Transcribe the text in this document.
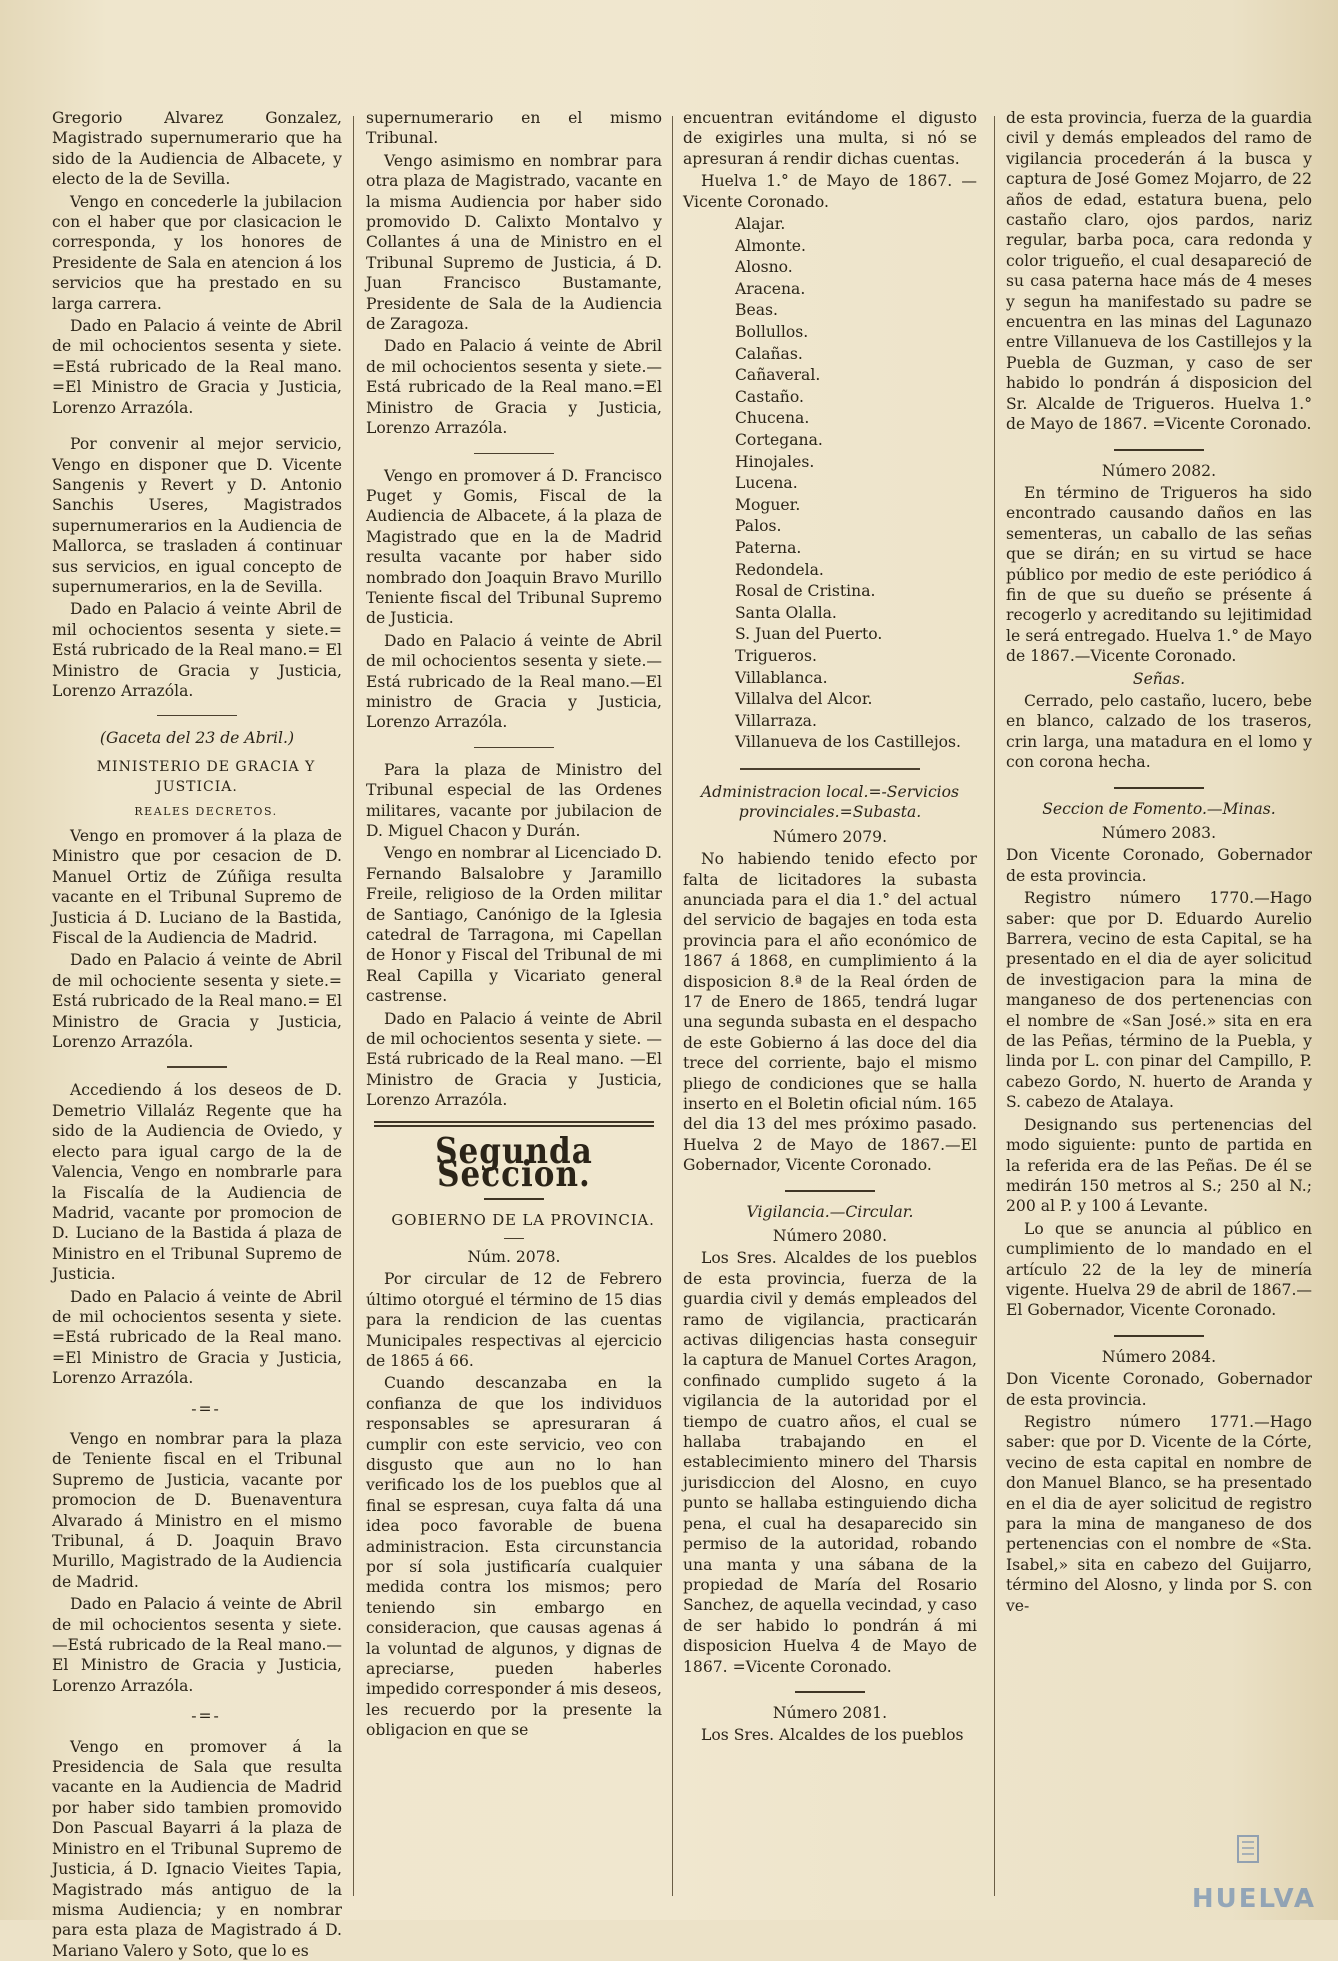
Gregorio Alvarez Gonzalez, Magistrado supernumerario que ha sido de la Audiencia de Albacete, y electo de la de Sevilla.

Vengo en concederle la jubilacion con el haber que por clasicacion le corresponda, y los honores de Presidente de Sala en atencion á los servicios que ha prestado en su larga carrera.

Dado en Palacio á veinte de Abril de mil ochocientos sesenta y siete. =Está rubricado de la Real mano. =El Ministro de Gracia y Justicia, Lorenzo Arrazóla.

Por convenir al mejor servicio, Vengo en disponer que D. Vicente Sangenis y Revert y D. Antonio Sanchis Useres, Magistrados supernumerarios en la Audiencia de Mallorca, se trasladen á continuar sus servicios, en igual concepto de supernumerarios, en la de Sevilla.

Dado en Palacio á veinte Abril de mil ochocientos sesenta y siete.= Está rubricado de la Real mano.= El Ministro de Gracia y Justicia, Lorenzo Arrazóla.

(Gaceta del 23 de Abril.)

MINISTERIO DE GRACIA Y JUSTICIA.

REALES DECRETOS.

Vengo en promover á la plaza de Ministro que por cesacion de D. Manuel Ortiz de Zúñiga resulta vacante en el Tribunal Supremo de Justicia á D. Luciano de la Bastida, Fiscal de la Audiencia de Madrid.

Dado en Palacio á veinte de Abril de mil ochociente sesenta y siete.= Está rubricado de la Real mano.= El Ministro de Gracia y Justicia, Lorenzo Arrazóla.

Accediendo á los deseos de D. Demetrio Villaláz Regente que ha sido de la Audiencia de Oviedo, y electo para igual cargo de la de Valencia, Vengo en nombrarle para la Fiscalía de la Audiencia de Madrid, vacante por promocion de D. Luciano de la Bastida á plaza de Ministro en el Tribunal Supremo de Justicia.

Dado en Palacio á veinte de Abril de mil ochocientos sesenta y siete. =Está rubricado de la Real mano. =El Ministro de Gracia y Justicia, Lorenzo Arrazóla.

-=-

Vengo en nombrar para la plaza de Teniente fiscal en el Tribunal Supremo de Justicia, vacante por promocion de D. Buenaventura Alvarado á Ministro en el mismo Tribunal, á D. Joaquin Bravo Murillo, Magistrado de la Audiencia de Madrid.

Dado en Palacio á veinte de Abril de mil ochocientos sesenta y siete.—Está rubricado de la Real mano.—El Ministro de Gracia y Justicia, Lorenzo Arrazóla.

-=-

Vengo en promover á la Presidencia de Sala que resulta vacante en la Audiencia de Madrid por haber sido tambien promovido Don Pascual Bayarri á la plaza de Ministro en el Tribunal Supremo de Justicia, á D. Ignacio Vieites Tapia, Magistrado más antiguo de la misma Audiencia; y en nombrar para esta plaza de Magistrado á D. Mariano Valero y Soto, que lo es

supernumerario en el mismo Tribunal.

Vengo asimismo en nombrar para otra plaza de Magistrado, vacante en la misma Audiencia por haber sido promovido D. Calixto Montalvo y Collantes á una de Ministro en el Tribunal Supremo de Justicia, á D. Juan Francisco Bustamante, Presidente de Sala de la Audiencia de Zaragoza.

Dado en Palacio á veinte de Abril de mil ochocientos sesenta y siete.—Está rubricado de la Real mano.=El Ministro de Gracia y Justicia, Lorenzo Arrazóla.

Vengo en promover á D. Francisco Puget y Gomis, Fiscal de la Audiencia de Albacete, á la plaza de Magistrado que en la de Madrid resulta vacante por haber sido nombrado don Joaquin Bravo Murillo Teniente fiscal del Tribunal Supremo de Justicia.

Dado en Palacio á veinte de Abril de mil ochocientos sesenta y siete.—Está rubricado de la Real mano.—El ministro de Gracia y Justicia, Lorenzo Arrazóla.

Para la plaza de Ministro del Tribunal especial de las Ordenes militares, vacante por jubilacion de D. Miguel Chacon y Durán.

Vengo en nombrar al Licenciado D. Fernando Balsalobre y Jaramillo Freile, religioso de la Orden militar de Santiago, Canónigo de la Iglesia catedral de Tarragona, mi Capellan de Honor y Fiscal del Tribunal de mi Real Capilla y Vicariato general castrense.

Dado en Palacio á veinte de Abril de mil ochocientos sesenta y siete. —Está rubricado de la Real mano. —El Ministro de Gracia y Justicia, Lorenzo Arrazóla.

Segunda Seccion.

GOBIERNO DE LA PROVINCIA.

Núm. 2078.

Por circular de 12 de Febrero último otorgué el término de 15 dias para la rendicion de las cuentas Municipales respectivas al ejercicio de 1865 á 66.

Cuando descanzaba en la confianza de que los individuos responsables se apresuraran á cumplir con este servicio, veo con disgusto que aun no lo han verificado los de los pueblos que al final se espresan, cuya falta dá una idea poco favorable de buena administracion. Esta circunstancia por sí sola justificaría cualquier medida contra los mismos; pero teniendo sin embargo en consideracion, que causas agenas á la voluntad de algunos, y dignas de apreciarse, pueden haberles impedido corresponder á mis deseos, les recuerdo por la presente la obligacion en que se

encuentran evitándome el digusto de exigirles una multa, si nó se apresuran á rendir dichas cuentas.

Huelva 1.° de Mayo de 1867. —Vicente Coronado.

Alajar.
Almonte.
Alosno.
Aracena.
Beas.
Bollullos.
Calañas.
Cañaveral.
Castaño.
Chucena.
Cortegana.
Hinojales.
Lucena.
Moguer.
Palos.
Paterna.
Redondela.
Rosal de Cristina.
Santa Olalla.
S. Juan del Puerto.
Trigueros.
Villablanca.
Villalva del Alcor.
Villarraza.
Villanueva de los Castillejos.

Administracion local.=-Servicios provinciales.=Subasta.

Número 2079.

No habiendo tenido efecto por falta de licitadores la subasta anunciada para el dia 1.° del actual del servicio de bagajes en toda esta provincia para el año económico de 1867 á 1868, en cumplimiento á la disposicion 8.ª de la Real órden de 17 de Enero de 1865, tendrá lugar una segunda subasta en el despacho de este Gobierno á las doce del dia trece del corriente, bajo el mismo pliego de condiciones que se halla inserto en el Boletin oficial núm. 165 del dia 13 del mes próximo pasado. Huelva 2 de Mayo de 1867.—El Gobernador, Vicente Coronado.

Vigilancia.—Circular.

Número 2080.

Los Sres. Alcaldes de los pueblos de esta provincia, fuerza de la guardia civil y demás empleados del ramo de vigilancia, practicarán activas diligencias hasta conseguir la captura de Manuel Cortes Aragon, confinado cumplido sugeto á la vigilancia de la autoridad por el tiempo de cuatro años, el cual se hallaba trabajando en el establecimiento minero del Tharsis jurisdiccion del Alosno, en cuyo punto se hallaba estinguiendo dicha pena, el cual ha desaparecido sin permiso de la autoridad, robando una manta y una sábana de la propiedad de María del Rosario Sanchez, de aquella vecindad, y caso de ser habido lo pondrán á mi disposicion Huelva 4 de Mayo de 1867. =Vicente Coronado.

Número 2081.

Los Sres. Alcaldes de los pueblos

de esta provincia, fuerza de la guardia civil y demás empleados del ramo de vigilancia procederán á la busca y captura de José Gomez Mojarro, de 22 años de edad, estatura buena, pelo castaño claro, ojos pardos, nariz regular, barba poca, cara redonda y color trigueño, el cual desapareció de su casa paterna hace más de 4 meses y segun ha manifestado su padre se encuentra en las minas del Lagunazo entre Villanueva de los Castillejos y la Puebla de Guzman, y caso de ser habido lo pondrán á disposicion del Sr. Alcalde de Trigueros. Huelva 1.° de Mayo de 1867. =Vicente Coronado.

Número 2082.

En término de Trigueros ha sido encontrado causando daños en las sementeras, un caballo de las señas que se dirán; en su virtud se hace público por medio de este periódico á fin de que su dueño se présente á recogerlo y acreditando su lejitimidad le será entregado. Huelva 1.° de Mayo de 1867.—Vicente Coronado.

Señas.

Cerrado, pelo castaño, lucero, bebe en blanco, calzado de los traseros, crin larga, una matadura en el lomo y con corona hecha.

Seccion de Fomento.—Minas.

Número 2083.

Don Vicente Coronado, Gobernador de esta provincia.

Registro número 1770.—Hago saber: que por D. Eduardo Aurelio Barrera, vecino de esta Capital, se ha presentado en el dia de ayer solicitud de investigacion para la mina de manganeso de dos pertenencias con el nombre de «San José.» sita en era de las Peñas, término de la Puebla, y linda por L. con pinar del Campillo, P. cabezo Gordo, N. huerto de Aranda y S. cabezo de Atalaya.

Designando sus pertenencias del modo siguiente: punto de partida en la referida era de las Peñas. De él se medirán 150 metros al S.; 250 al N.; 200 al P. y 100 á Levante.

Lo que se anuncia al público en cumplimiento de lo mandado en el artículo 22 de la ley de minería vigente. Huelva 29 de abril de 1867.—El Gobernador, Vicente Coronado.

Número 2084.

Don Vicente Coronado, Gobernador de esta provincia.

Registro número 1771.—Hago saber: que por D. Vicente de la Córte, vecino de esta capital en nombre de don Manuel Blanco, se ha presentado en el dia de ayer solicitud de registro para la mina de manganeso de dos pertenencias con el nombre de «Sta. Isabel,» sita en cabezo del Guijarro, término del Alosno, y linda por S. con ve-

HUELVA
